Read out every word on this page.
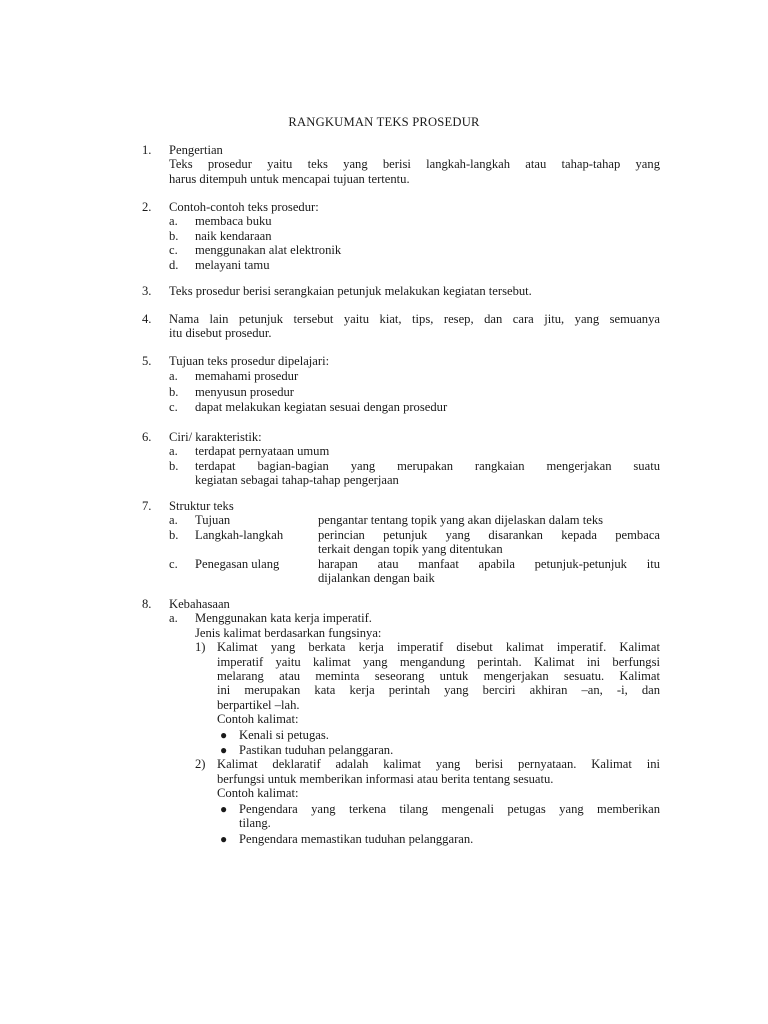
RANGKUMAN TEKS PROSEDUR
1. Pengertian
Teks prosedur yaitu teks yang berisi langkah-langkah atau tahap-tahap yang
harus ditempuh untuk mencapai tujuan tertentu.
2. Contoh-contoh teks prosedur:
a. membaca buku
b. naik kendaraan
c. menggunakan alat elektronik
d. melayani tamu
3. Teks prosedur berisi serangkaian petunjuk melakukan kegiatan tersebut.
4. Nama lain petunjuk tersebut yaitu kiat, tips, resep, dan cara jitu, yang semuanya
itu disebut prosedur.
5. Tujuan teks prosedur dipelajari:
a. memahami prosedur
b. menyusun prosedur
c. dapat melakukan kegiatan sesuai dengan prosedur
6. Ciri/ karakteristik:
a. terdapat pernyataan umum
b. terdapat bagian-bagian yang merupakan rangkaian mengerjakan suatu
kegiatan sebagai tahap-tahap pengerjaan
7. Struktur teks
a. Tujuan	pengantar tentang topik yang akan dijelaskan dalam teks
b. Langkah-langkah	perincian petunjuk yang disarankan kepada pembaca
terkait dengan topik yang ditentukan
c. Penegasan ulang	harapan atau manfaat apabila petunjuk-petunjuk itu
dijalankan dengan baik
8. Kebahasaan
a. Menggunakan kata kerja imperatif.
Jenis kalimat berdasarkan fungsinya:
1) Kalimat yang berkata kerja imperatif disebut kalimat imperatif. Kalimat
imperatif yaitu kalimat yang mengandung perintah. Kalimat ini berfungsi
melarang atau meminta seseorang untuk mengerjakan sesuatu. Kalimat
ini merupakan kata kerja perintah yang berciri akhiran –an, -i, dan
berpartikel –lah.
Contoh kalimat:
● Kenali si petugas.
● Pastikan tuduhan pelanggaran.
2) Kalimat deklaratif adalah kalimat yang berisi pernyataan. Kalimat ini
berfungsi untuk memberikan informasi atau berita tentang sesuatu.
Contoh kalimat:
● Pengendara yang terkena tilang mengenali petugas yang memberikan
tilang.
● Pengendara memastikan tuduhan pelanggaran.
